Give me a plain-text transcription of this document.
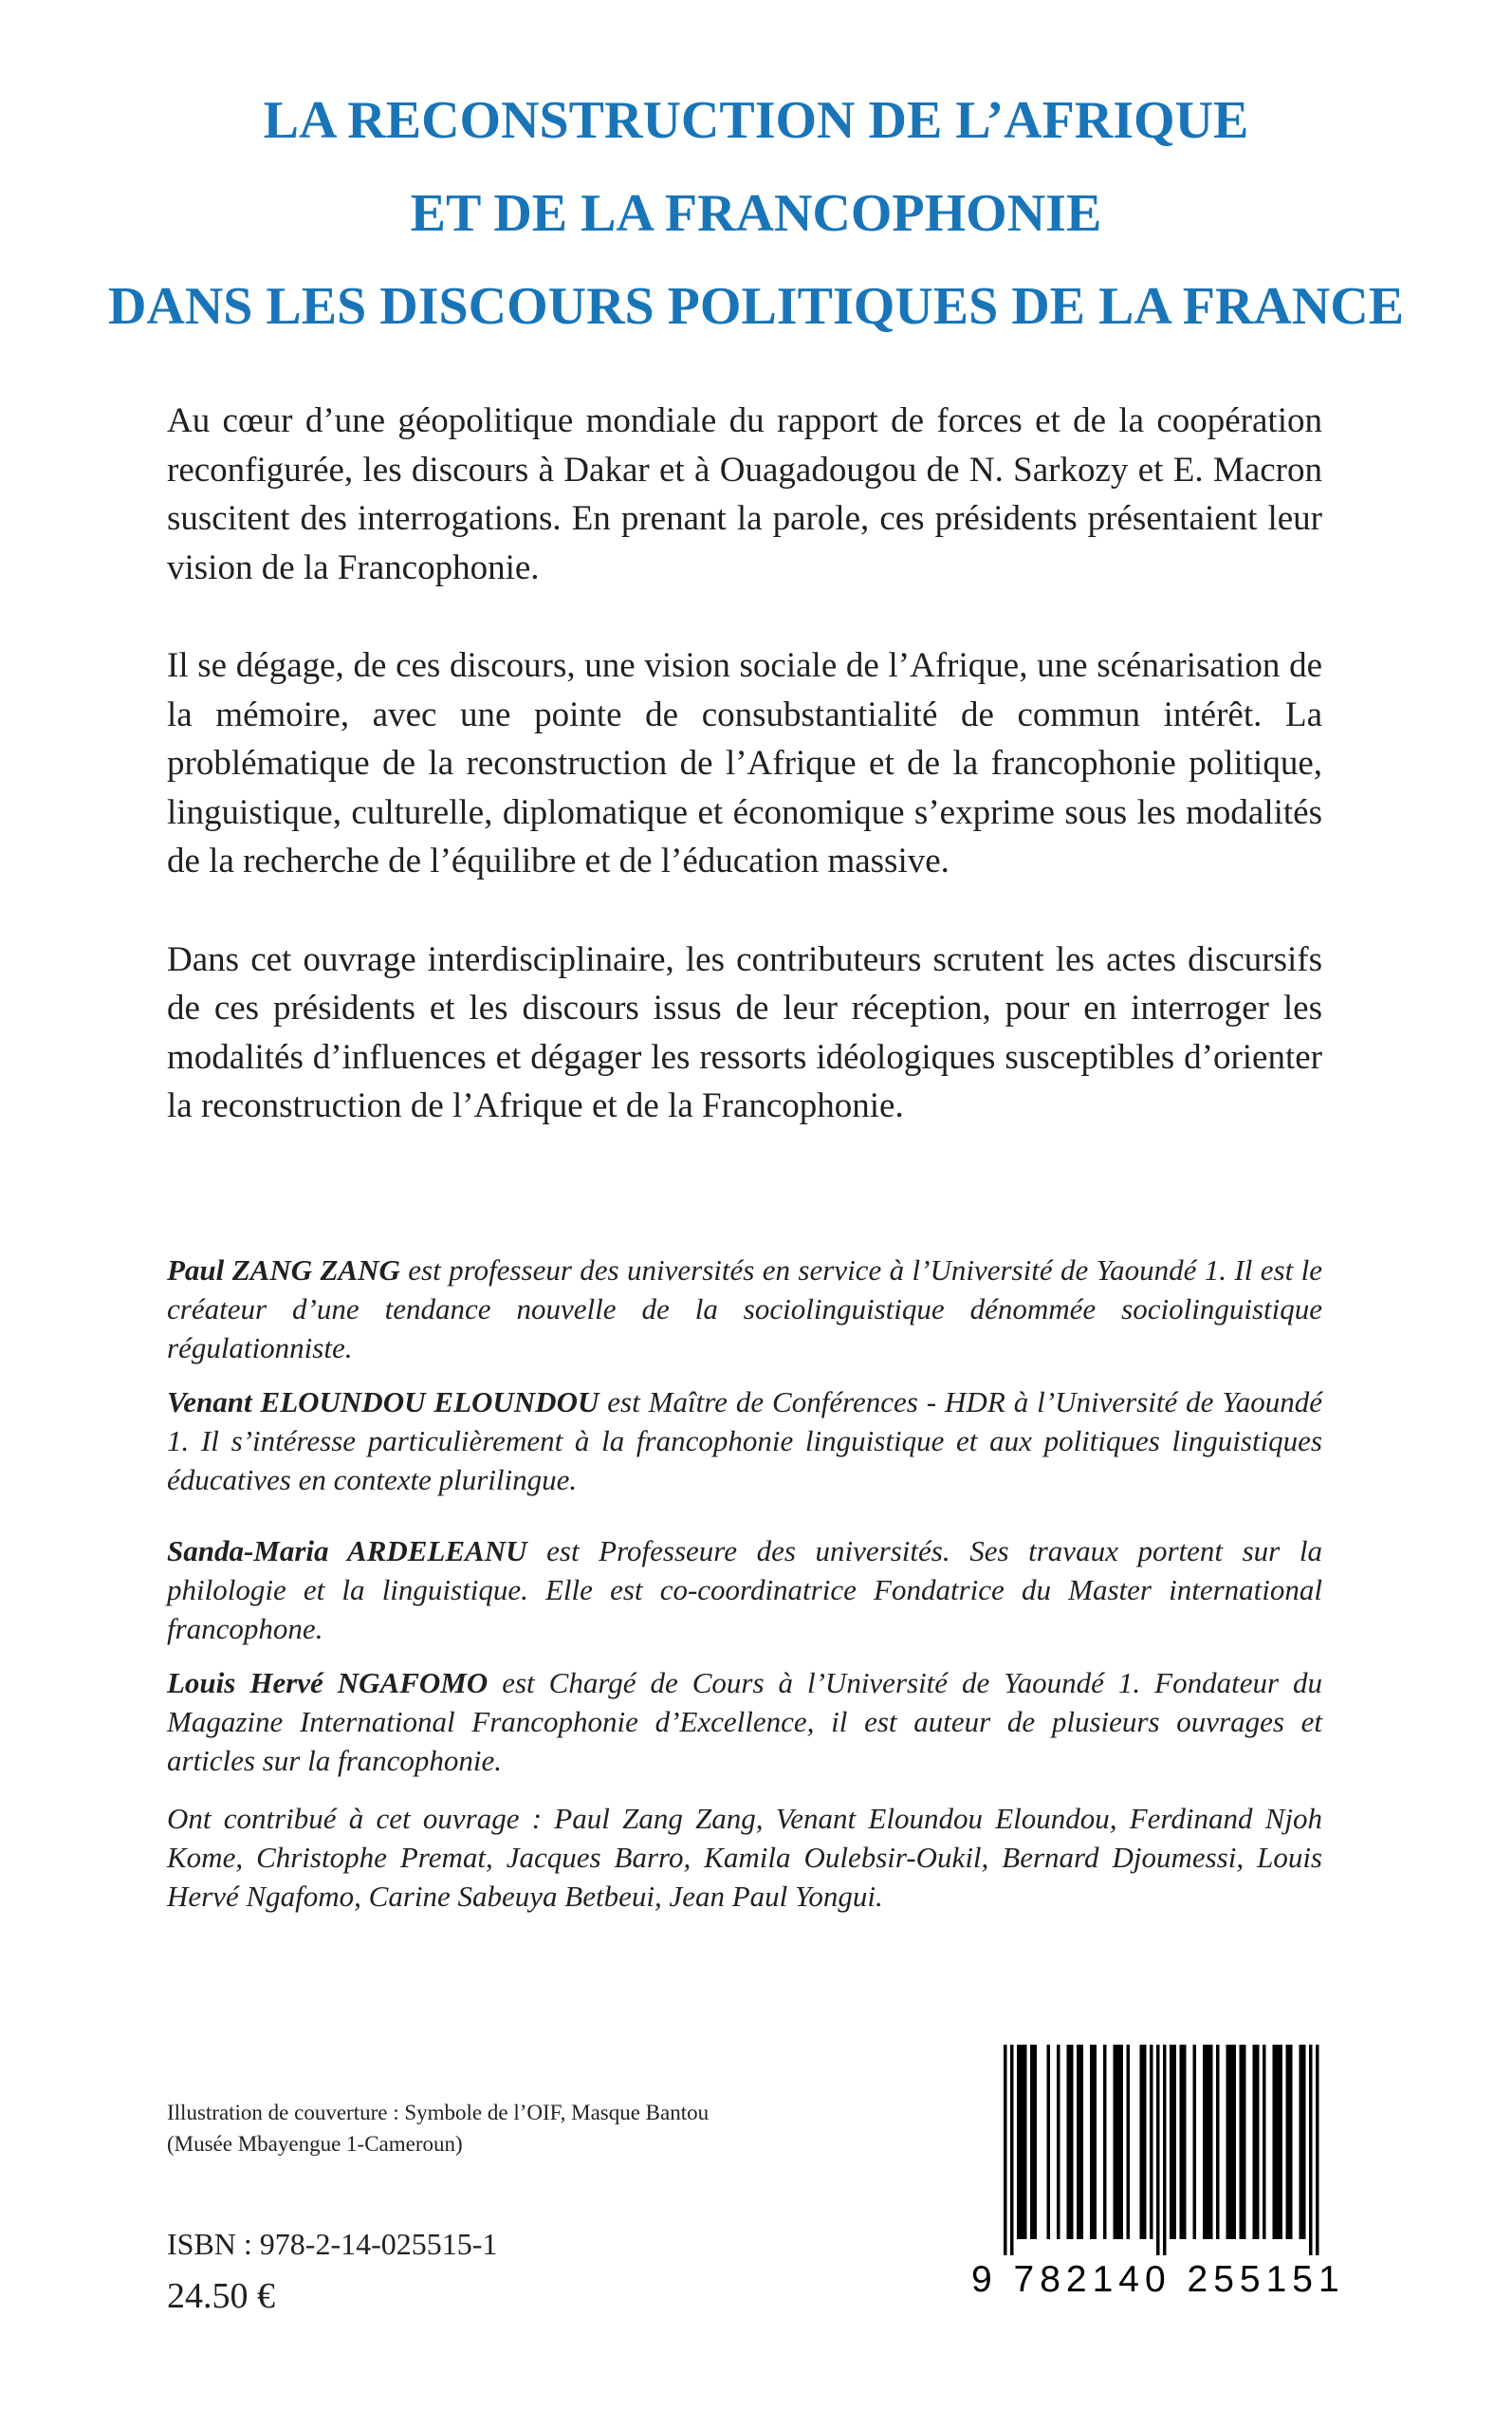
LA RECONSTRUCTION DE L’AFRIQUE
ET DE LA FRANCOPHONIE
DANS LES DISCOURS POLITIQUES DE LA FRANCE

Au cœur d’une géopolitique mondiale du rapport de forces et de la coopération reconfigurée, les discours à Dakar et à Ouagadougou de N. Sarkozy et E. Macron suscitent des interrogations. En prenant la parole, ces présidents présentaient leur vision de la Francophonie.

Il se dégage, de ces discours, une vision sociale de l’Afrique, une scénarisation de la mémoire, avec une pointe de consubstantialité de commun intérêt. La problématique de la reconstruction de l’Afrique et de la francophonie politique, linguistique, culturelle, diplomatique et économique s’exprime sous les modalités de la recherche de l’équilibre et de l’éducation massive.

Dans cet ouvrage interdisciplinaire, les contributeurs scrutent les actes discursifs de ces présidents et les discours issus de leur réception, pour en interroger les modalités d’influences et dégager les ressorts idéologiques susceptibles d’orienter la reconstruction de l’Afrique et de la Francophonie.

Paul ZANG ZANG est professeur des universités en service à l’Université de Yaoundé 1. Il est le créateur d’une tendance nouvelle de la sociolinguistique dénommée sociolinguistique régulationniste.

Venant ELOUNDOU ELOUNDOU est Maître de Conférences - HDR à l’Université de Yaoundé 1. Il s’intéresse particulièrement à la francophonie linguistique et aux politiques linguistiques éducatives en contexte plurilingue.

Sanda-Maria ARDELEANU est Professeure des universités. Ses travaux portent sur la philologie et la linguistique. Elle est co-coordinatrice Fondatrice du Master international francophone.

Louis Hervé NGAFOMO est Chargé de Cours à l’Université de Yaoundé 1. Fondateur du Magazine International Francophonie d’Excellence, il est auteur de plusieurs ouvrages et articles sur la francophonie.

Ont contribué à cet ouvrage : Paul Zang Zang, Venant Eloundou Eloundou, Ferdinand Njoh Kome, Christophe Premat, Jacques Barro, Kamila Oulebsir-Oukil, Bernard Djoumessi, Louis Hervé Ngafomo, Carine Sabeuya Betbeui, Jean Paul Yongui.

Illustration de couverture : Symbole de l’OIF, Masque Bantou
(Musée Mbayengue 1-Cameroun)
ISBN : 978-2-14-025515-1
24.50 €	9 782140 255151
